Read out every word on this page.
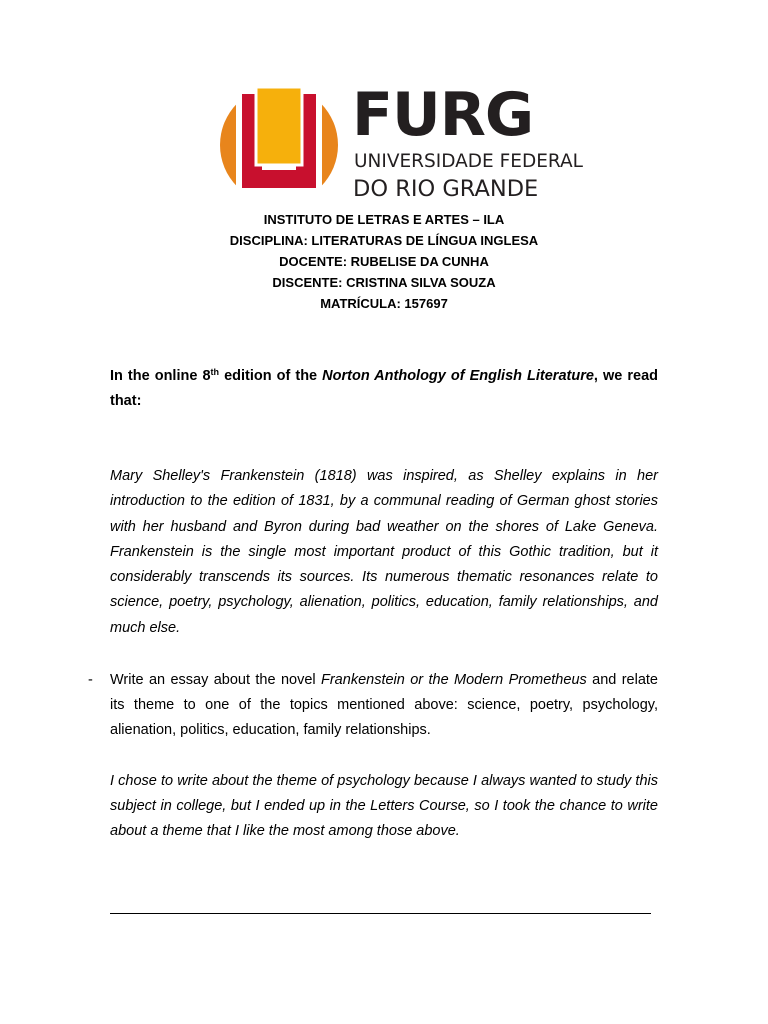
FURG
UNIVERSIDADE FEDERAL
DO RIO GRANDE
INSTITUTO DE LETRAS E ARTES – ILA
DISCIPLINA: LITERATURAS DE LÍNGUA INGLESA
DOCENTE: RUBELISE DA CUNHA
DISCENTE: CRISTINA SILVA SOUZA
MATRÍCULA: 157697

In the online 8th edition of the Norton Anthology of English Literature, we read that:

Mary Shelley's Frankenstein (1818) was inspired, as Shelley explains in her introduction to the edition of 1831, by a communal reading of German ghost stories with her husband and Byron during bad weather on the shores of Lake Geneva. Frankenstein is the single most important product of this Gothic tradition, but it considerably transcends its sources. Its numerous thematic resonances relate to science, poetry, psychology, alienation, politics, education, family relationships, and much else.

- Write an essay about the novel Frankenstein or the Modern Prometheus and relate its theme to one of the topics mentioned above: science, poetry, psychology, alienation, politics, education, family relationships.

I chose to write about the theme of psychology because I always wanted to study this subject in college, but I ended up in the Letters Course, so I took the chance to write about a theme that I like the most among those above.
